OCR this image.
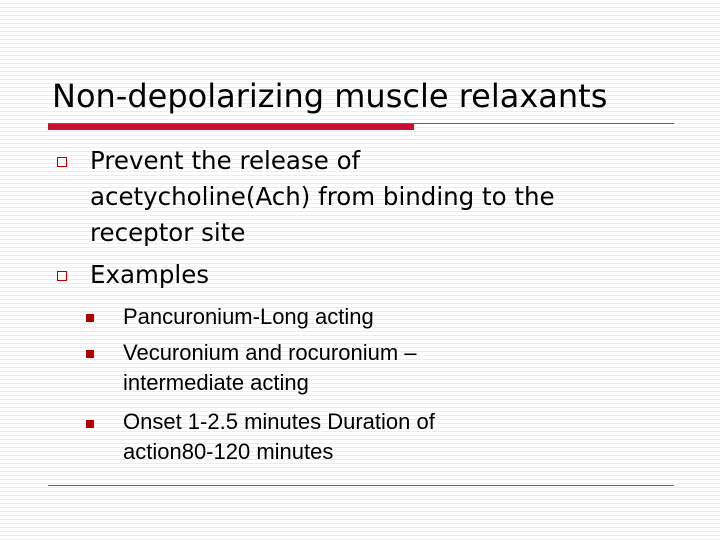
Non-depolarizing muscle relaxants
Prevent the release of
acetycholine(Ach) from binding to the
receptor site
Examples
Pancuronium-Long acting
Vecuronium and rocuronium –
intermediate acting
Onset 1-2.5 minutes Duration of
action80-120 minutes
